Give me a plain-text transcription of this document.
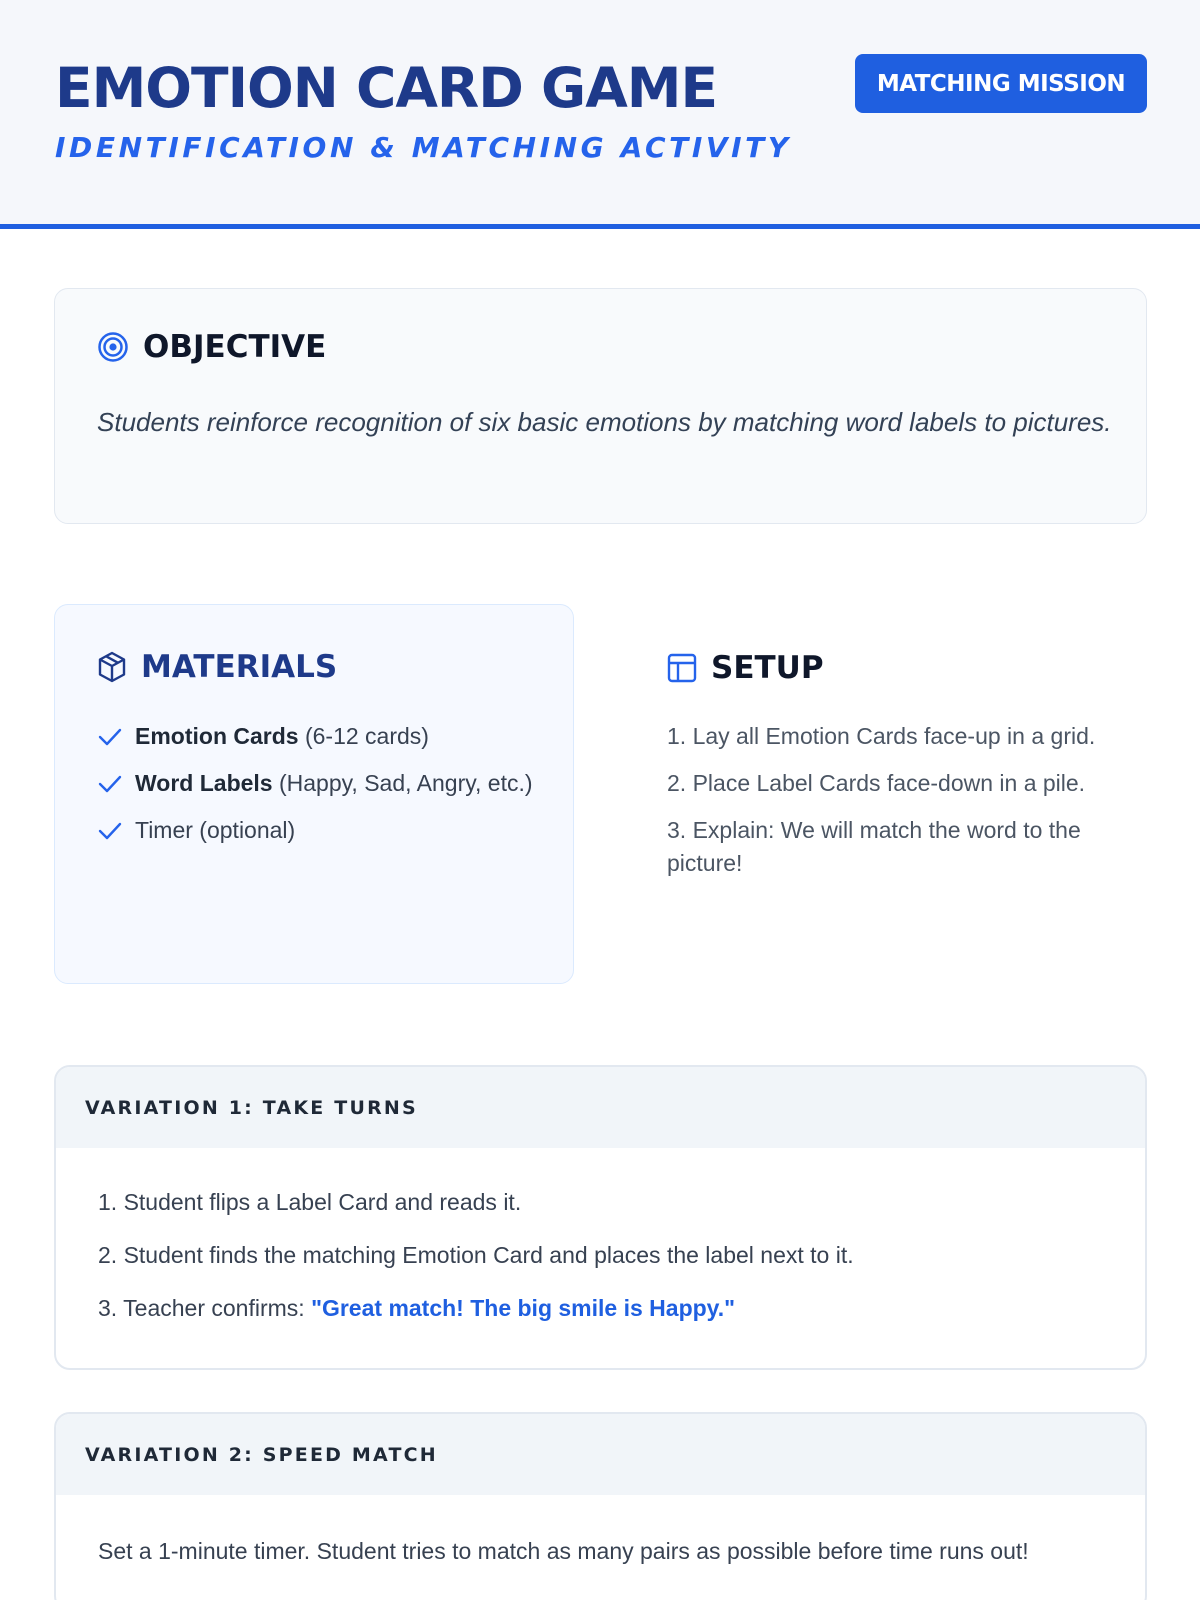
EMOTION CARD GAME
IDENTIFICATION & MATCHING ACTIVITY
MATCHING MISSION
OBJECTIVE
Students reinforce recognition of six basic emotions by matching word labels to pictures.
MATERIALS
Emotion Cards (6-12 cards)
Word Labels (Happy, Sad, Angry, etc.)
Timer (optional)
SETUP
1. Lay all Emotion Cards face-up in a grid.
2. Place Label Cards face-down in a pile.
3. Explain: We will match the word to the picture!
VARIATION 1: TAKE TURNS
1. Student flips a Label Card and reads it.
2. Student finds the matching Emotion Card and places the label next to it.
3. Teacher confirms: "Great match! The big smile is Happy."
VARIATION 2: SPEED MATCH
Set a 1-minute timer. Student tries to match as many pairs as possible before time runs out!
